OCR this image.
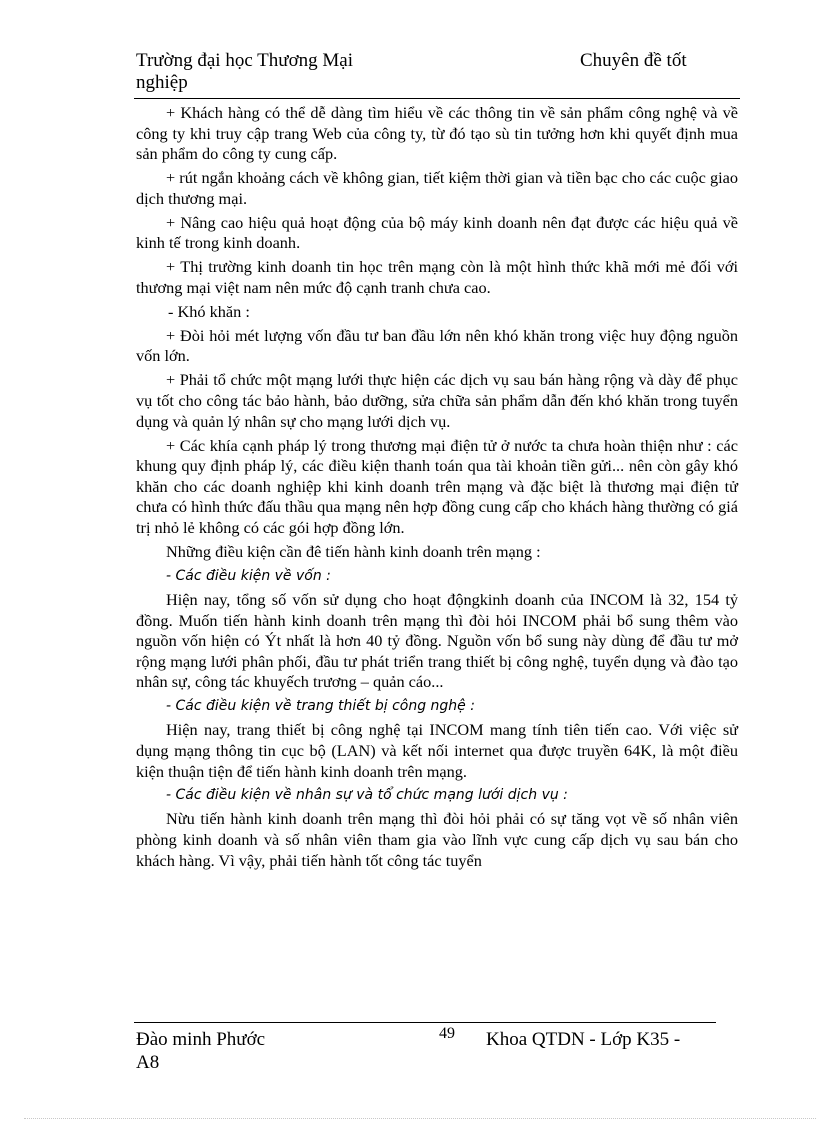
Trường đại học Thương Mại
nghiệp
Chuyên đề tốt

+ Khách hàng có thể dễ dàng tìm hiểu về các thông tin về sản phẩm công nghệ và về công ty khi truy cập trang Web của công ty, từ đó tạo sù tin tưởng hơn khi quyết định mua sản phẩm do công ty cung cấp.

+ rút ngắn khoảng cách về không gian, tiết kiệm thời gian và tiền bạc cho các cuộc giao dịch thương mại.

+ Nâng cao hiệu quả hoạt động của bộ máy kinh doanh nên đạt được các hiệu quả về kinh tế trong kinh doanh.

+ Thị trường kinh doanh tin học trên mạng còn là một hình thức khã mới mẻ đối với thương mại việt nam nên mức độ cạnh tranh chưa cao.

- Khó khăn :

+ Đòi hỏi mét lượng vốn đầu tư ban đầu lớn nên khó khăn trong việc huy động nguồn vốn lớn.

+ Phải tổ chức một mạng lưới thực hiện các dịch vụ sau bán hàng rộng và dày để phục vụ tốt cho công tác bảo hành, bảo dưỡng, sửa chữa sản phẩm dẫn đến khó khăn trong tuyển dụng và quản lý nhân sự cho mạng lưới dịch vụ.

+ Các khía cạnh pháp lý trong thương mại điện tử ở nước ta chưa hoàn thiện như : các khung quy định pháp lý, các điều kiện thanh toán qua tài khoản tiền gửi... nên còn gây khó khăn cho các doanh nghiệp khi kinh doanh trên mạng và đặc biệt là thương mại điện tử chưa có hình thức đấu thầu qua mạng nên hợp đồng cung cấp cho khách hàng thường có giá trị nhỏ lẻ không có các gói hợp đồng lớn.

Những điều kiện cần đê tiến hành kinh doanh trên mạng :

- Các điều kiện về vốn :

Hiện nay, tổng số vốn sử dụng cho hoạt độngkinh doanh của INCOM là 32, 154 tỷ đồng. Muốn tiến hành kinh doanh trên mạng thì đòi hỏi INCOM phải bổ sung thêm vào nguồn vốn hiện có Ýt nhất là hơn 40 tỷ đồng. Nguồn vốn bổ sung này dùng để đầu tư mở rộng mạng lưới phân phối, đầu tư phát triển trang thiết bị công nghệ, tuyển dụng và đào tạo nhân sự, công tác khuyếch trương – quản cáo...

- Các điều kiện về trang thiết bị công nghệ :

Hiện nay, trang thiết bị công nghệ tại INCOM mang tính tiên tiến cao. Với việc sử dụng mạng thông tin cục bộ (LAN) và kết nối internet qua được truyền 64K, là một điều kiện thuận tiện để tiến hành kinh doanh trên mạng.

- Các điều kiện về nhân sự và tổ chức mạng lưới dịch vụ :

Nừu tiến hành kinh doanh trên mạng thì đòi hỏi phải có sự tăng vọt về số nhân viên phòng kinh doanh và số nhân viên tham gia vào lĩnh vực cung cấp dịch vụ sau bán cho khách hàng. Vì vậy, phải tiến hành tốt công tác tuyển

Đào minh Phước
A8
49 Khoa QTDN - Lớp K35 -
